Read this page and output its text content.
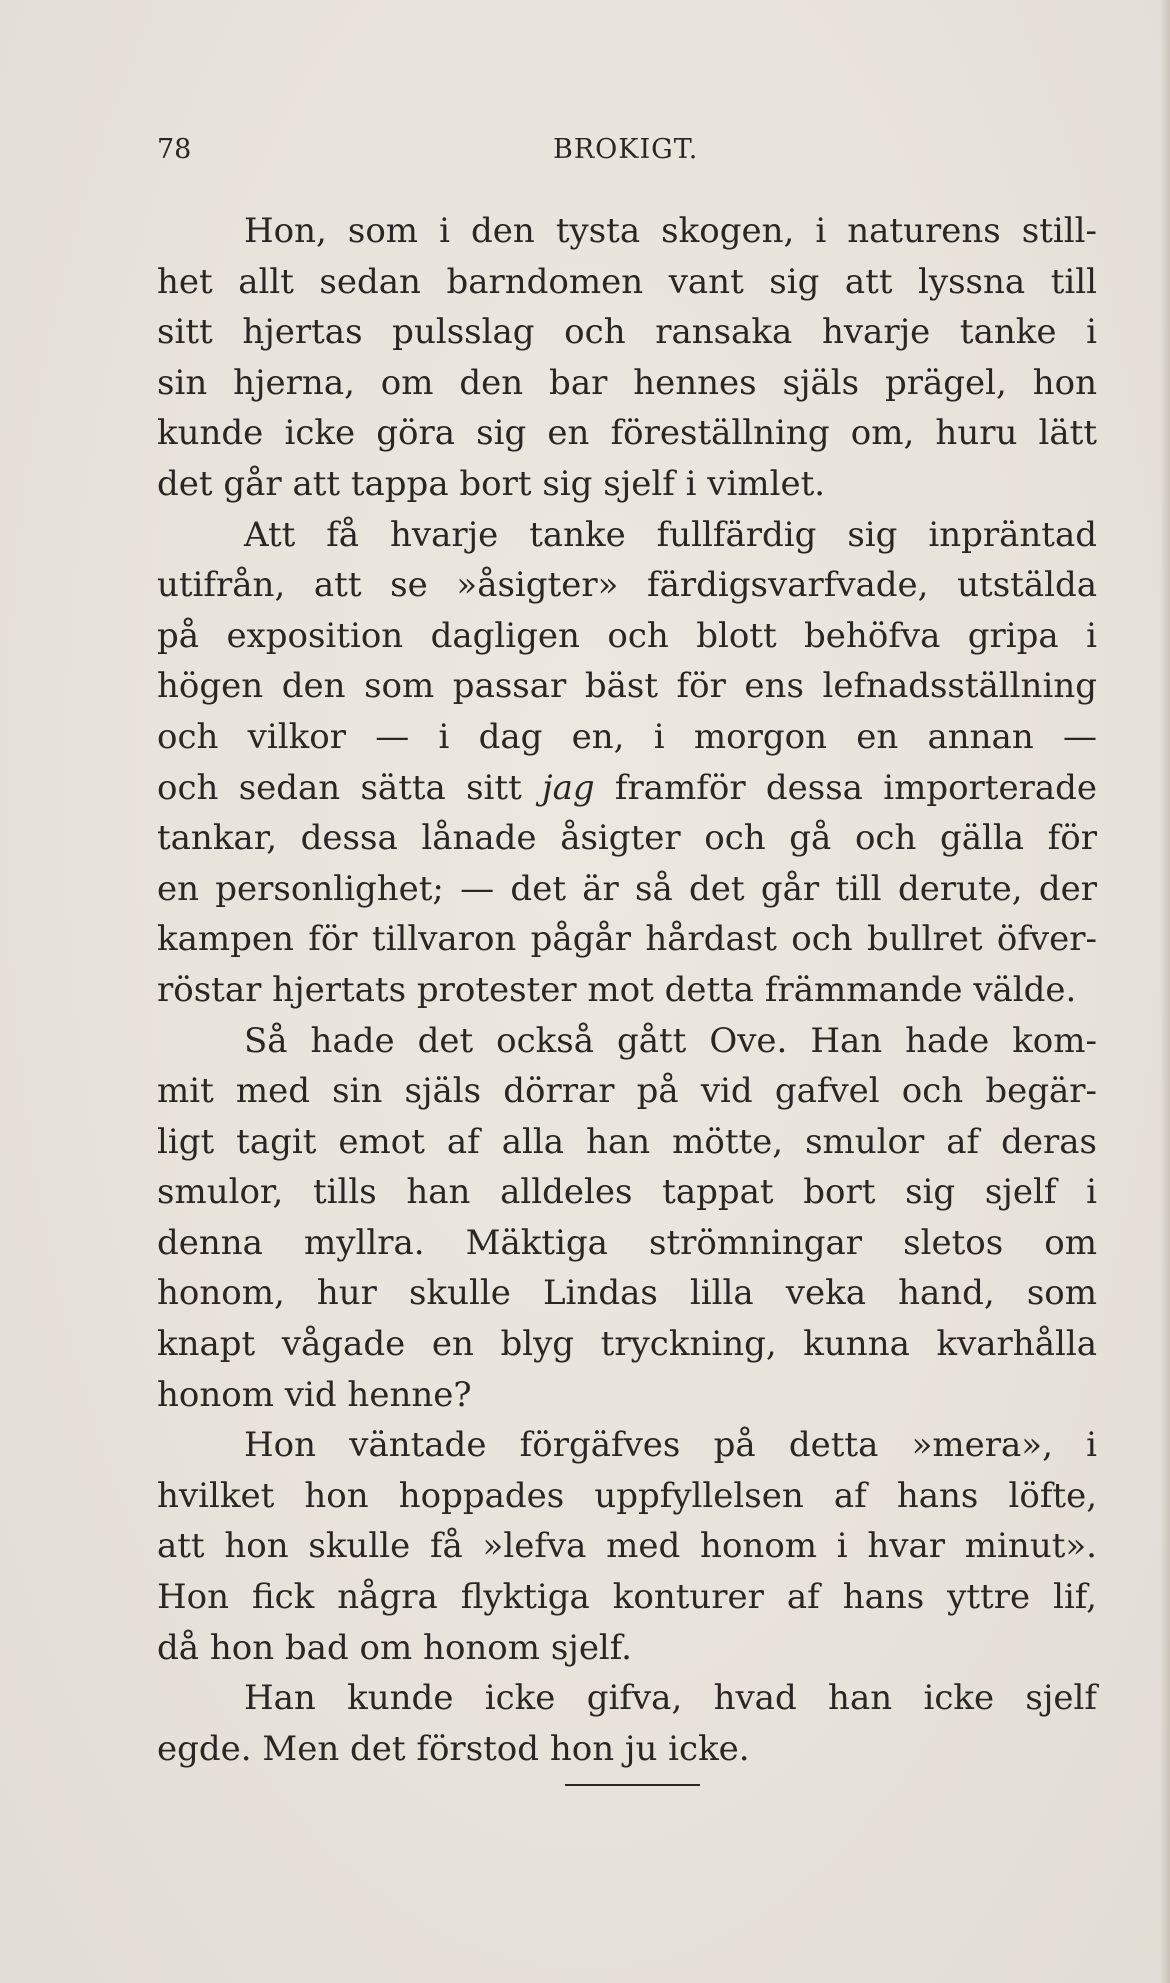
78	BROKIGT.
Hon, som i den tysta skogen, i naturens still-
het allt sedan barndomen vant sig att lyssna till
sitt hjertas pulsslag och ransaka hvarje tanke i
sin hjerna, om den bar hennes själs prägel, hon
kunde icke göra sig en föreställning om, huru lätt
det går att tappa bort sig sjelf i vimlet.
Att få hvarje tanke fullfärdig sig inpräntad
utifrån, att se »åsigter» färdigsvarfvade, utstälda
på exposition dagligen och blott behöfva gripa i
högen den som passar bäst för ens lefnadsställning
och vilkor — i dag en, i morgon en annan —
och sedan sätta sitt jag framför dessa importerade
tankar, dessa lånade åsigter och gå och gälla för
en personlighet; — det är så det går till derute, der
kampen för tillvaron pågår hårdast och bullret öfver-
röstar hjertats protester mot detta främmande välde.
Så hade det också gått Ove. Han hade kom-
mit med sin själs dörrar på vid gafvel och begär-
ligt tagit emot af alla han mötte, smulor af deras
smulor, tills han alldeles tappat bort sig sjelf i
denna myllra. Mäktiga strömningar sletos om
honom, hur skulle Lindas lilla veka hand, som
knapt vågade en blyg tryckning, kunna kvarhålla
honom vid henne?
Hon väntade förgäfves på detta »mera», i
hvilket hon hoppades uppfyllelsen af hans löfte,
att hon skulle få »lefva med honom i hvar minut».
Hon fick några flyktiga konturer af hans yttre lif,
då hon bad om honom sjelf.
Han kunde icke gifva, hvad han icke sjelf
egde. Men det förstod hon ju icke.
